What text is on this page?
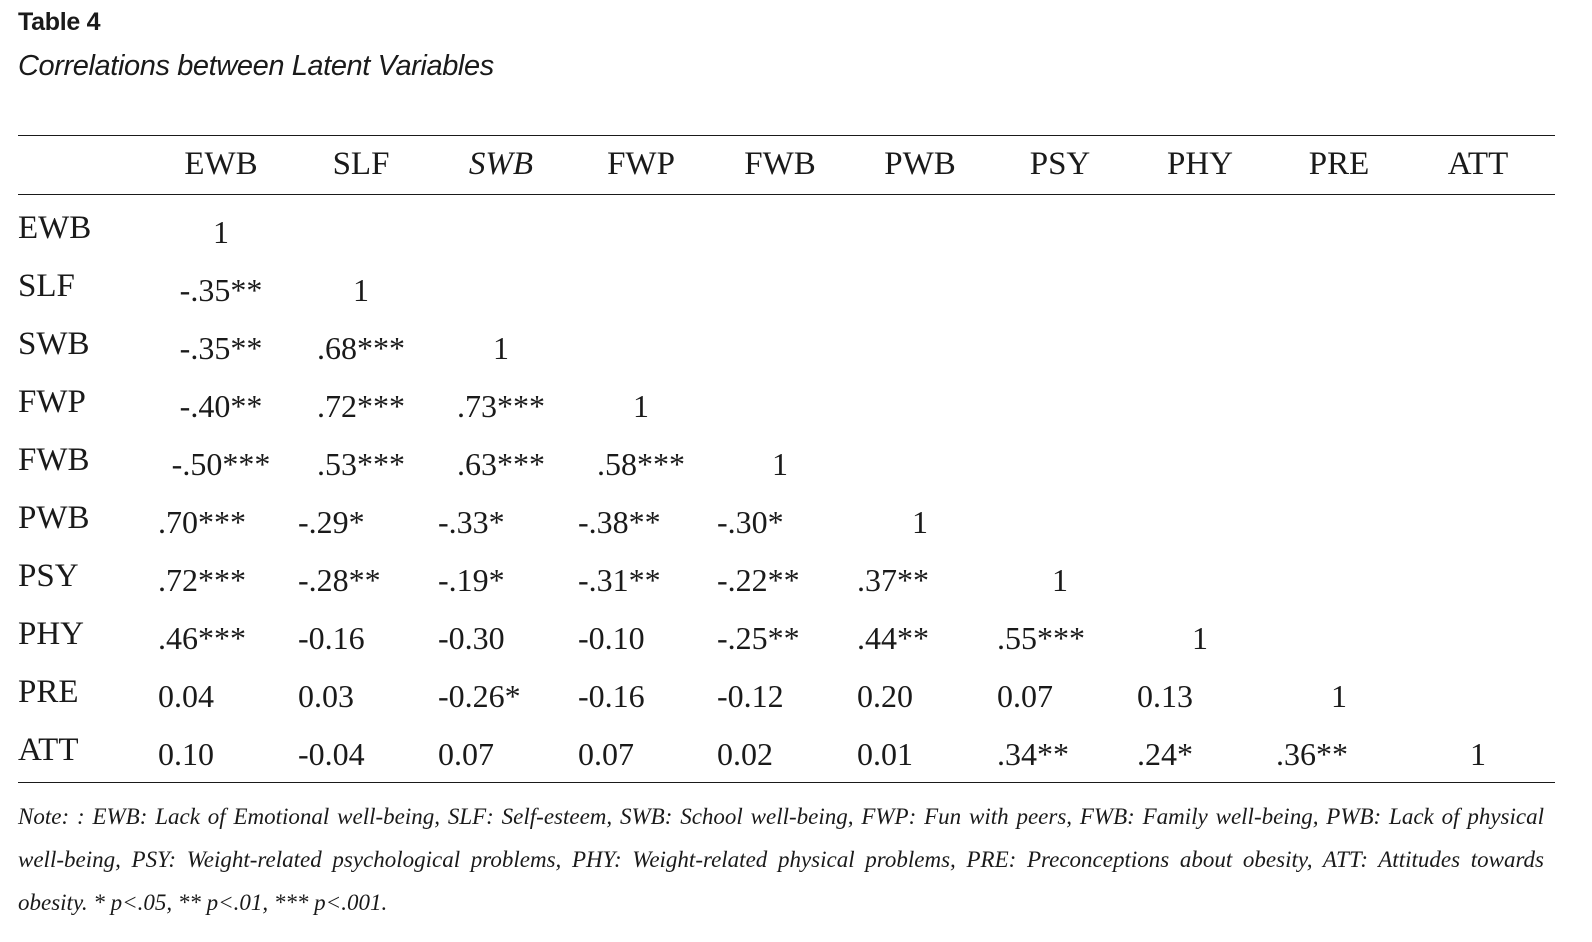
Table 4
Correlations between Latent Variables
EWB	SLF	SWB	FWP	FWB	PWB	PSY	PHY	PRE	ATT
EWB	1
SLF	-.35**	1
SWB	-.35** .68***	1
FWP	-.40** .72*** .73***	1
FWB	-.50*** .53*** .63*** .58***	1
PWB .70*** -.29* -.33* -.38** -.30*	1
PSY .72*** -.28** -.19* -.31** -.22** .37**	1
PHY .46*** -0.16 -0.30 -0.10 -.25** .44** .55***	1
PRE 0.04	0.03	-0.26* -0.16 -0.12 0.20	0.07	0.13	1
ATT 0.10	-0.04 0.07	0.07	0.02	0.01	.34** .24*	.36**	1
Note: : EWB: Lack of Emotional well-being, SLF: Self-esteem, SWB: School well-being, FWP: Fun with peers, FWB: Family well-being, PWB: Lack of physical well-being, PSY: Weight-related psychological problems, PHY: Weight-related physical problems, PRE: Preconceptions about obesity, ATT: Attitudes towards obesity. * p<.05, ** p<.01, *** p<.001.
